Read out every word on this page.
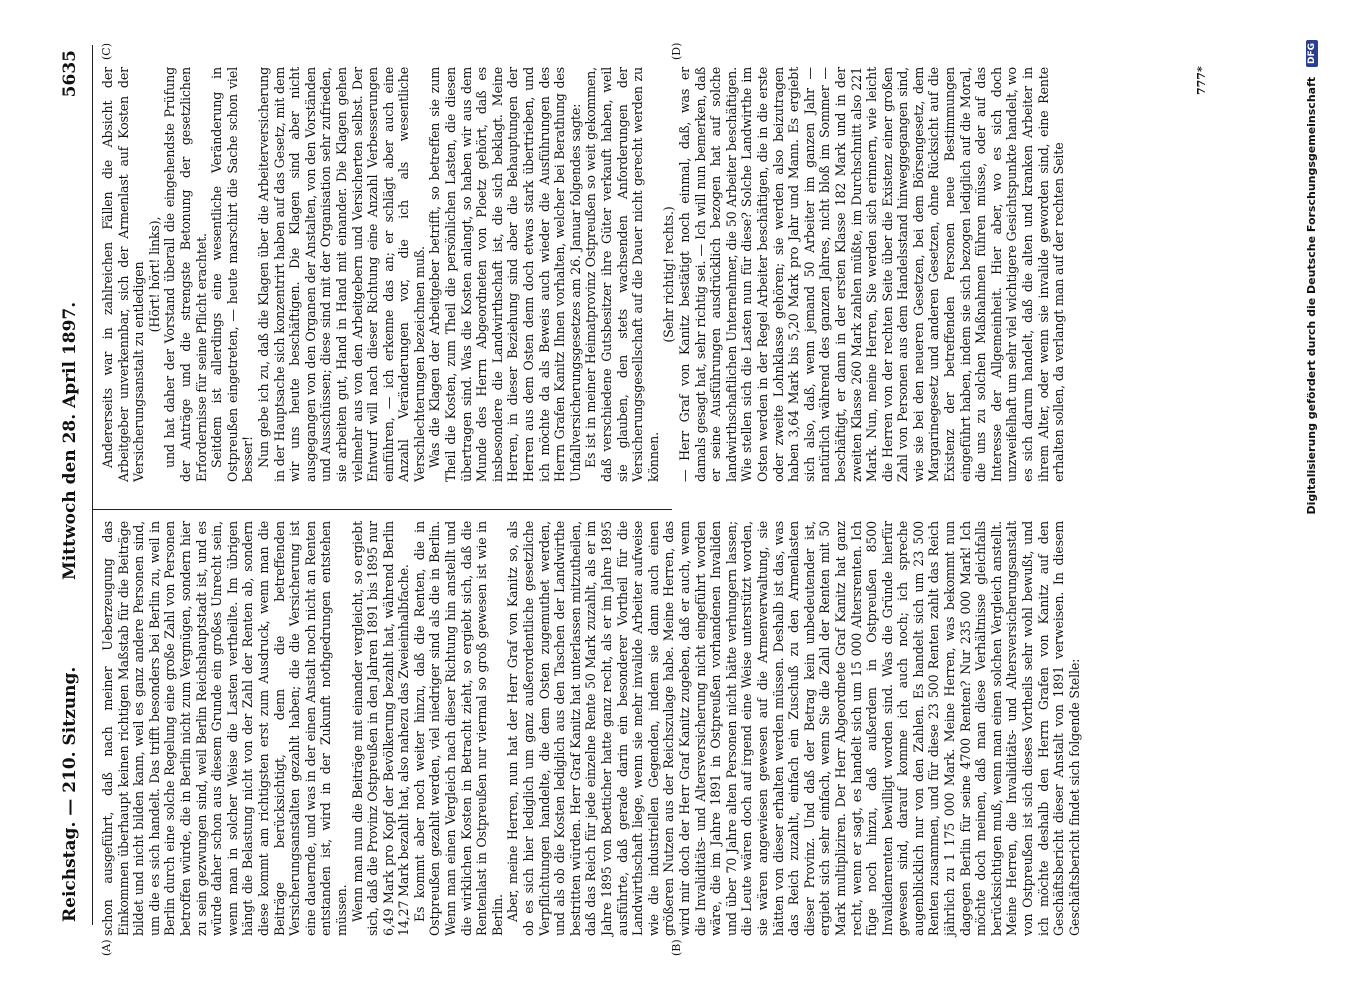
Reichstag. — 210. Sitzung.
Mittwoch den 28. April 1897.
5635
(A)	(B)
(C)	(D)

schon ausgeführt, daß nach meiner Ueberzeugung das Einkommen überhaupt keinen richtigen Maßstab für die Beiträge bildet und nicht bilden kann, weil es ganz andere Personen sind, um die es sich handelt. Das trifft besonders bei Berlin zu, weil in Berlin durch eine solche Regelung eine große Zahl von Personen betroffen würde, die in Berlin nicht zum Vergnügen, sondern hier zu sein gezwungen sind, weil Berlin Reichshauptstadt ist, und es würde daher schon aus diesem Grunde ein großes Unrecht sein, wenn man in solcher Weise die Lasten vertheilte. Im übrigen hängt die Belastung nicht von der Zahl der Renten ab, sondern diese kommt am richtigsten erst zum Ausdruck, wenn man die Beiträge berücksichtigt, denn die betreffenden Versicherungsanstalten gezahlt haben; die die Versicherung ist eine dauernde, und was in der einen Anstalt noch nicht an Renten entstanden ist, wird in der Zukunft nothgedrungen entstehen müssen. Wenn man nun die Beiträge mit einander vergleicht, so ergiebt sich, daß die Provinz Ostpreußen in den Jahren 1891 bis 1895 nur 6,49 Mark pro Kopf der Bevölkerung bezahlt hat, während Berlin 14,27 Mark bezahlt hat, also nahezu das Zweieinhalbfache. Es kommt aber noch weiter hinzu, daß die Renten, die in Ostpreußen gezahlt werden, viel niedriger sind als die in Berlin. Wenn man einen Vergleich nach dieser Richtung hin anstellt und die wirklichen Kosten in Betracht zieht, so ergiebt sich, daß die Rentenlast in Ostpreußen nur viermal so groß gewesen ist wie in Berlin. Aber, meine Herren, nun hat der Herr Graf von Kanitz so, als ob es sich hier lediglich um ganz außerordentliche gesetzliche Verpflichtungen handelte, die dem Osten zugemuthet werden, und als ob die Kosten lediglich aus den Taschen der Landwirthe bestritten würden. Herr Graf Kanitz hat unterlassen mitzutheilen, daß das Reich für jede einzelne Rente 50 Mark zuzahlt, als er im Jahre 1895 von Boetticher hatte ganz recht, als er im Jahre 1895 ausführte, daß gerade darin ein besonderer Vortheil für die Landwirthschaft liege, wenn sie mehr invalide Arbeiter aufweise wie die industriellen Gegenden, indem sie dann auch einen größeren Nutzen aus der Reichszulage habe. Meine Herren, das wird mir doch der Herr Graf Kanitz zugeben, daß er auch, wenn die Invaliditäts- und Altersversicherung nicht eingeführt worden wäre, die im Jahre 1891 in Ostpreußen vorhandenen Invaliden und über 70 Jahre alten Personen nicht hätte verhungern lassen; die Leute wären doch auf irgend eine Weise unterstützt worden, sie wären angewiesen gewesen auf die Armenverwaltung, sie hätten von dieser erhalten werden müssen. Deshalb ist das, was das Reich zuzahlt, einfach ein Zuschuß zu den Armenlasten dieser Provinz. Und daß der Betrag kein unbedeutender ist, ergiebt sich sehr einfach, wenn Sie die Zahl der Renten mit 50 Mark multipliziren. Der Herr Abgeordnete Graf Kanitz hat ganz recht, wenn er sagt, es handelt sich um 15 000 Altersrenten. Ich füge noch hinzu, daß außerdem in Ostpreußen 8500 Invalidenrenten bewilligt worden sind. Was die Gründe hierfür gewesen sind, darauf komme ich auch noch; ich spreche augenblicklich nur von den Zahlen. Es handelt sich um 23 500 Renten zusammen, und für diese 23 500 Renten zahlt das Reich jährlich zu 1 175 000 Mark. Meine Herren, was bekommt nun dagegen Berlin für seine 4700 Renten? Nur 235 000 Mark! Ich möchte doch meinen, daß man diese Verhältnisse gleichfalls berücksichtigen muß, wenn man einen solchen Vergleich anstellt. Meine Herren, die Invaliditäts- und Altersversicherungsanstalt von Ostpreußen ist sich dieses Vortheils sehr wohl bewußt, und ich möchte deshalb den Herrn Grafen von Kanitz auf den Geschäftsbericht dieser Anstalt von 1891 verweisen. In diesem Geschäftsbericht findet sich folgende Stelle:

Andererseits war in zahlreichen Fällen die Absicht der Arbeitgeber unverkennbar, sich der Armenlast auf Kosten der Versicherungsanstalt zu entledigen (Hört! hört! links), und hat daher der Vorstand überall die eingehendste Prüfung der Anträge und die strengste Betonung der gesetzlichen Erfordernisse für seine Pflicht erachtet. Seitdem ist allerdings eine wesentliche Veränderung in Ostpreußen eingetreten, — heute marschirt die Sache schon viel besser! Nun gebe ich zu, daß die Klagen über die Arbeiterversicherung in der Hauptsache sich konzentrirt haben auf das Gesetz, mit dem wir uns heute beschäftigen. Die Klagen sind aber nicht ausgegangen von den Organen der Anstalten, von den Vorständen und Ausschüssen; diese sind mit der Organisation sehr zufrieden, sie arbeiten gut, Hand in Hand mit einander. Die Klagen gehen vielmehr aus von den Arbeitgebern und Versicherten selbst. Der Entwurf will nach dieser Richtung eine Anzahl Verbesserungen einführen, — ich erkenne das an; er schlägt aber auch eine Anzahl Veränderungen vor, die ich als wesentliche Verschlechterungen bezeichnen muß. Was die Klagen der Arbeitgeber betrifft, so betreffen sie zum Theil die Kosten, zum Theil die persönlichen Lasten, die diesen übertragen sind. Was die Kosten anlangt, so haben wir aus dem Munde des Herrn Abgeordneten von Ploetz gehört, daß es insbesondere die Landwirthschaft ist, die sich beklagt. Meine Herren, in dieser Beziehung sind aber die Behauptungen der Herren aus dem Osten denn doch etwas stark übertrieben, und ich möchte da als Beweis auch wieder die Ausführungen des Herrn Grafen Kanitz Ihnen vorhalten, welcher bei Berathung des Unfallversicherungsgesetzes am 26. Januar folgendes sagte: Es ist in meiner Heimatprovinz Ostpreußen so weit gekommen, daß verschiedene Gutsbesitzer ihre Güter verkauft haben, weil sie glauben, den stets wachsenden Anforderungen der Versicherungsgesellschaft auf die Dauer nicht gerecht werden zu können.

(Sehr richtig! rechts.) — Herr Graf von Kanitz bestätigt noch einmal, daß, was er damals gesagt hat, sehr richtig sei. — Ich will nun bemerken, daß er seine Ausführungen ausdrücklich bezogen hat auf solche landwirthschaftlichen Unternehmer, die 50 Arbeiter beschäftigen. Wie stellen sich die Lasten nun für diese? Solche Landwirthe im Osten werden in der Regel Arbeiter beschäftigen, die in die erste oder zweite Lohnklasse gehören; sie werden also beizutragen haben 3,64 Mark bis 5,20 Mark pro Jahr und Mann. Es ergiebt sich also, daß, wenn jemand 50 Arbeiter im ganzen Jahr — natürlich während des ganzen Jahres, nicht bloß im Sommer — beschäftigt, er dann in der ersten Klasse 182 Mark und in der zweiten Klasse 260 Mark zahlen müßte, im Durchschnitt also 221 Mark. Nun, meine Herren, Sie werden sich erinnern, wie leicht die Herren von der rechten Seite über die Existenz einer großen Zahl von Personen aus dem Handelsstand hinweggegangen sind, wie sie bei den neueren Gesetzen, bei dem Börsengesetz, dem Margarinegesetz und anderen Gesetzen, ohne Rücksicht auf die Existenz der betreffenden Personen neue Bestimmungen eingeführt haben, indem sie sich bezogen lediglich auf die Moral, die uns zu solchen Maßnahmen führen müsse, oder auf das Interesse der Allgemeinheit. Hier aber, wo es sich doch unzweifelhaft um sehr viel wichtigere Gesichtspunkte handelt, wo es sich darum handelt, daß die alten und kranken Arbeiter in ihrem Alter, oder wenn sie invalide geworden sind, eine Rente erhalten sollen, da verlangt man auf der rechten Seite

777*	Digitalisierung gefördert durch die Deutsche Forschungsgemeinschaft DFG
